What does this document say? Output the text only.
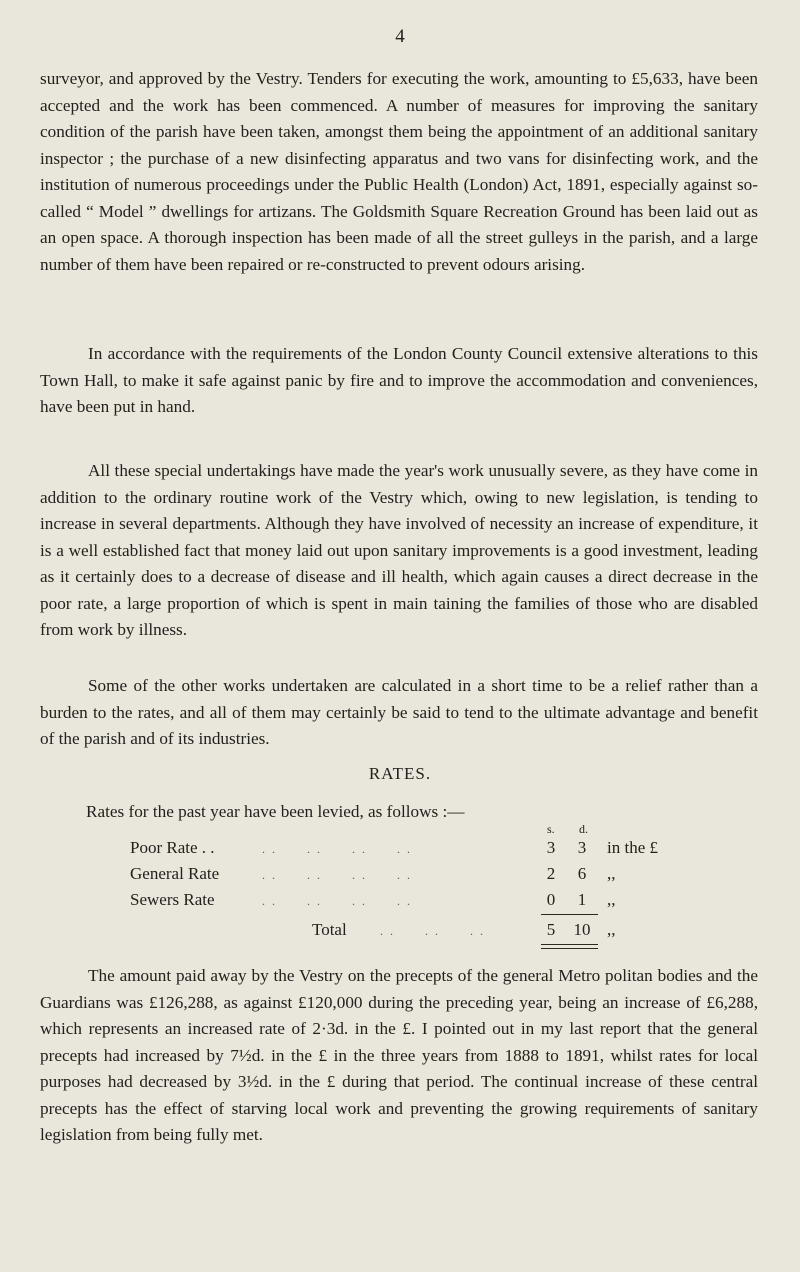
4

surveyor, and approved by the Vestry. Tenders for executing the work, amounting to £5,633, have been accepted and the work has been commenced. A number of measures for improving the sanitary condition of the parish have been taken, amongst them being the appointment of an additional sanitary inspector ; the purchase of a new disinfecting apparatus and two vans for disinfecting work, and the institution of numerous proceedings under the Public Health (London) Act, 1891, especially against so-called “ Model ” dwellings for artizans. The Goldsmith Square Recreation Ground has been laid out as an open space. A thorough inspection has been made of all the street gulleys in the parish, and a large number of them have been repaired or re-constructed to prevent odours arising.

In accordance with the requirements of the London County Council extensive alterations to this Town Hall, to make it safe against panic by fire and to improve the accommodation and conveniences, have been put in hand.

All these special undertakings have made the year's work unusually severe, as they have come in addition to the ordinary routine work of the Vestry which, owing to new legislation, is tending to increase in several departments. Although they have involved of necessity an increase of expenditure, it is a well established fact that money laid out upon sanitary improvements is a good investment, leading as it certainly does to a decrease of disease and ill health, which again causes a direct decrease in the poor rate, a large proportion of which is spent in main taining the families of those who are disabled from work by illness.

Some of the other works undertaken are calculated in a short time to be a relief rather than a burden to the rates, and all of them may certainly be said to tend to the ultimate advantage and benefit of the parish and of its industries.

RATES.
Rates for the past year have been levied, as follows :—
s. d.
Poor Rate . .	. .      . .      . .      . .	3	3	in the £
General Rate	. .      . .      . .      . .	2	6	,,
Sewers Rate	. .      . .      . .      . .	0	1	,,
Total	. .      . .      . .	5 10 ,,

The amount paid away by the Vestry on the precepts of the general Metro politan bodies and the Guardians was £126,288, as against £120,000 during the preceding year, being an increase of £6,288, which represents an increased rate of 2·3d. in the £. I pointed out in my last report that the general precepts had increased by 7½d. in the £ in the three years from 1888 to 1891, whilst rates for local purposes had decreased by 3½d. in the £ during that period. The continual increase of these central precepts has the effect of starving local work and preventing the growing requirements of sanitary legislation from being fully met.
